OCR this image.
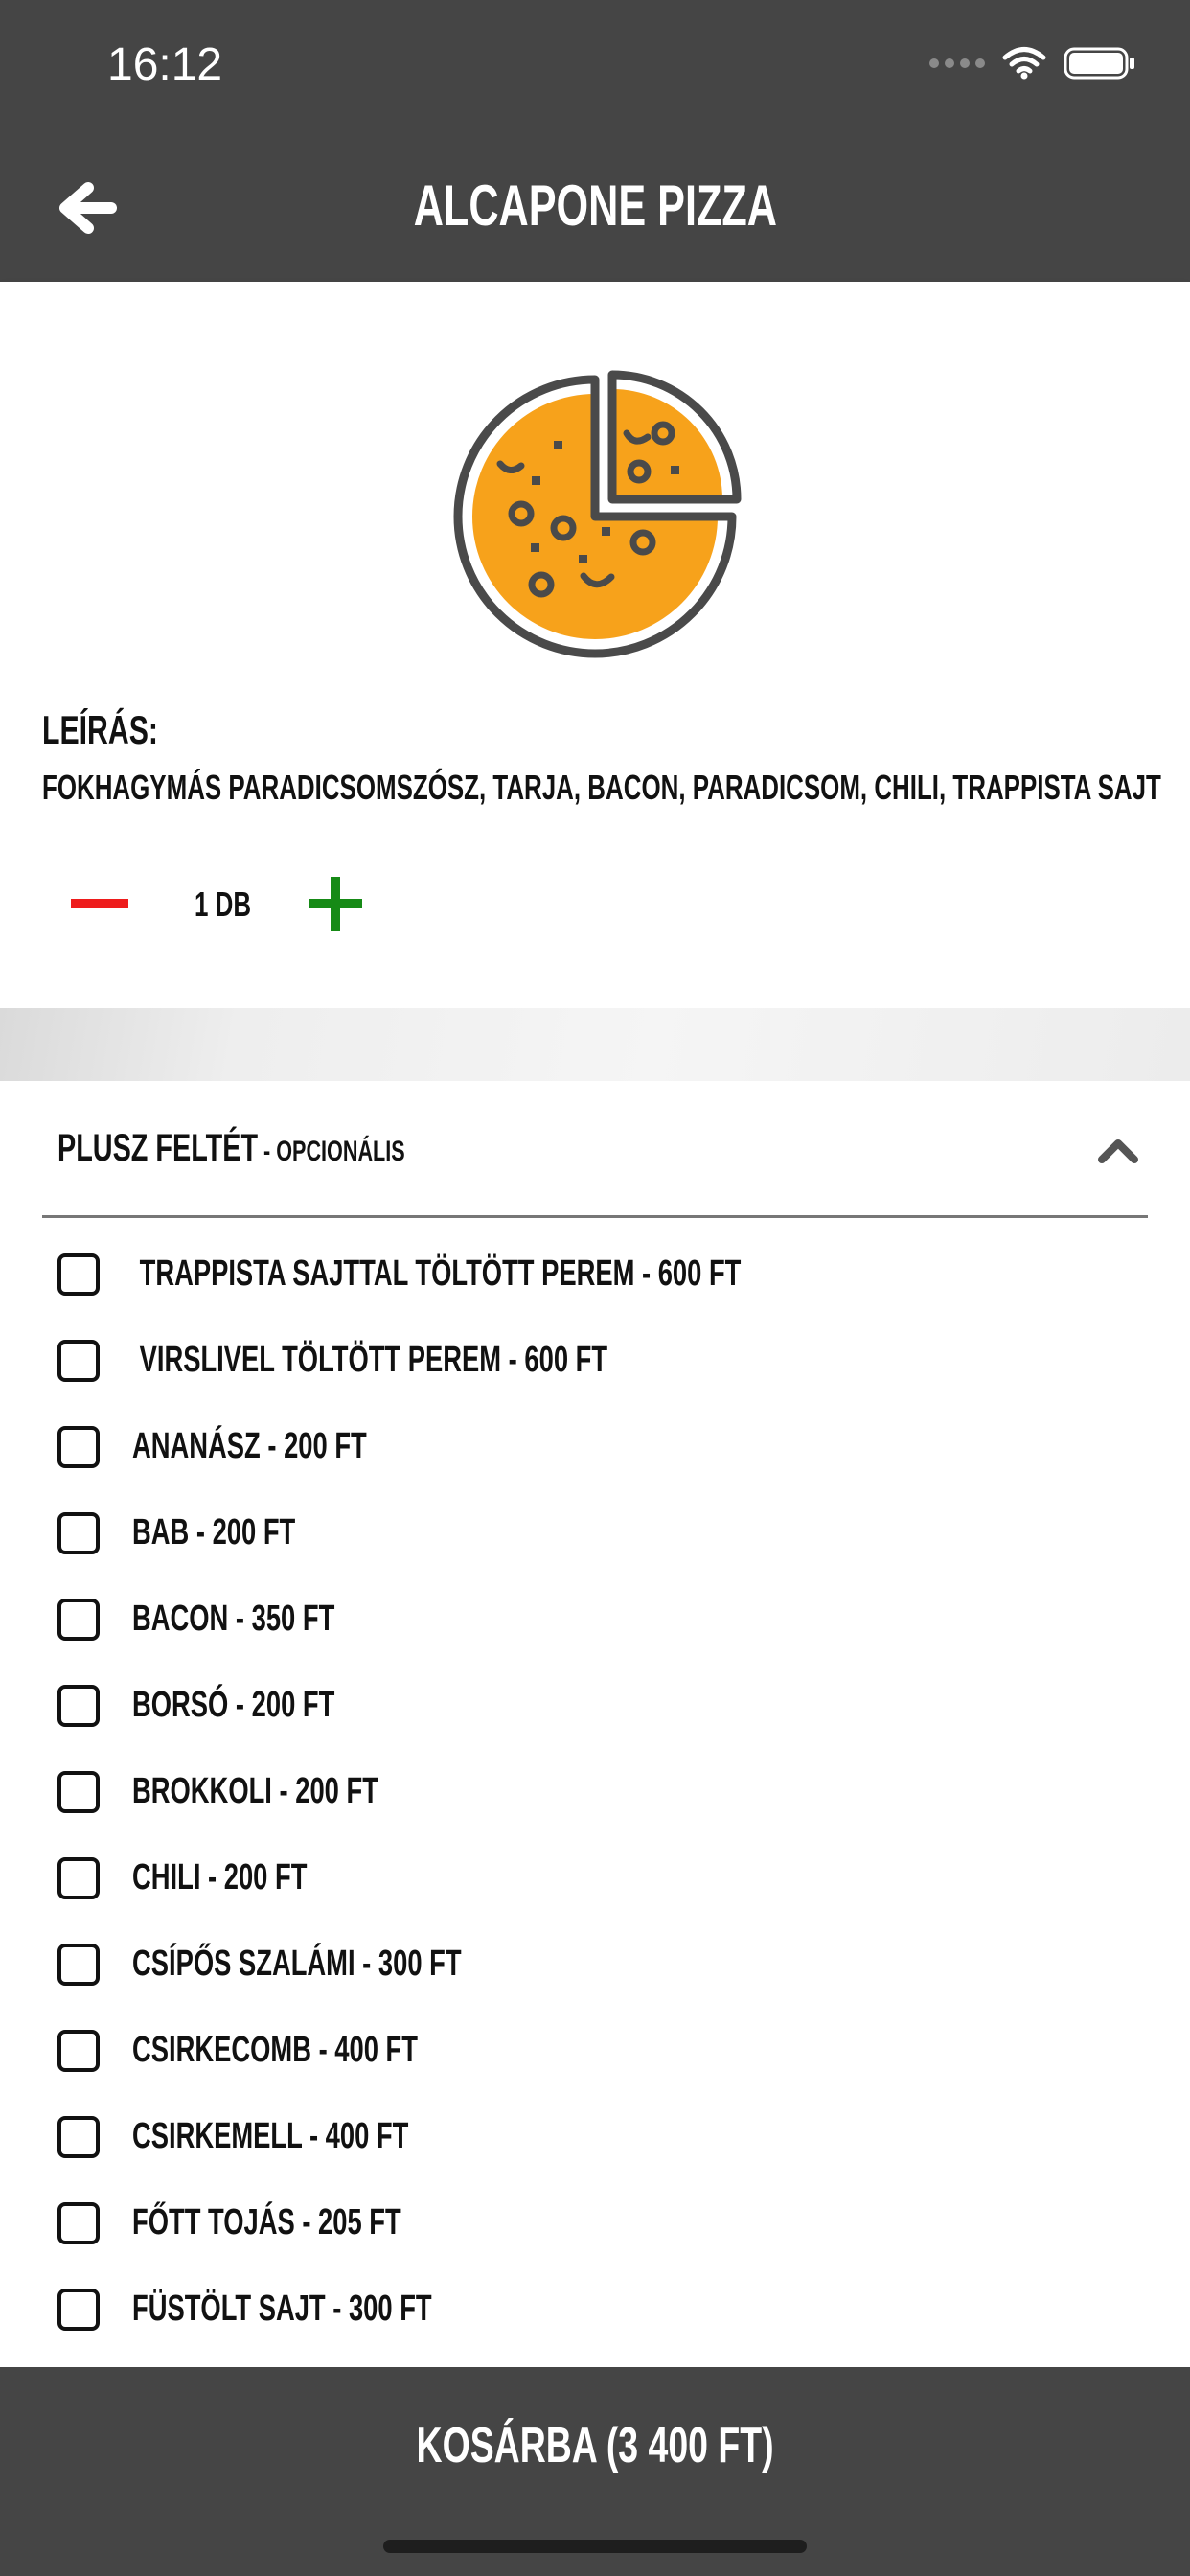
16:12
ALCAPONE PIZZA
LEÍRÁS:
FOKHAGYMÁS PARADICSOMSZÓSZ, TARJA, BACON, PARADICSOM, CHILI, TRAPPISTA SAJT
1 DB
PLUSZ FELTÉT - OPCIONÁLIS
TRAPPISTA SAJTTAL TÖLTÖTT PEREM - 600 FT
VIRSLIVEL TÖLTÖTT PEREM - 600 FT
ANANÁSZ - 200 FT
BAB - 200 FT
BACON - 350 FT
BORSÓ - 200 FT
BROKKOLI - 200 FT
CHILI - 200 FT
CSÍPŐS SZALÁMI - 300 FT
CSIRKECOMB - 400 FT
CSIRKEMELL - 400 FT
FŐTT TOJÁS - 205 FT
FÜSTÖLT SAJT - 300 FT
KOSÁRBA (3 400 FT)
